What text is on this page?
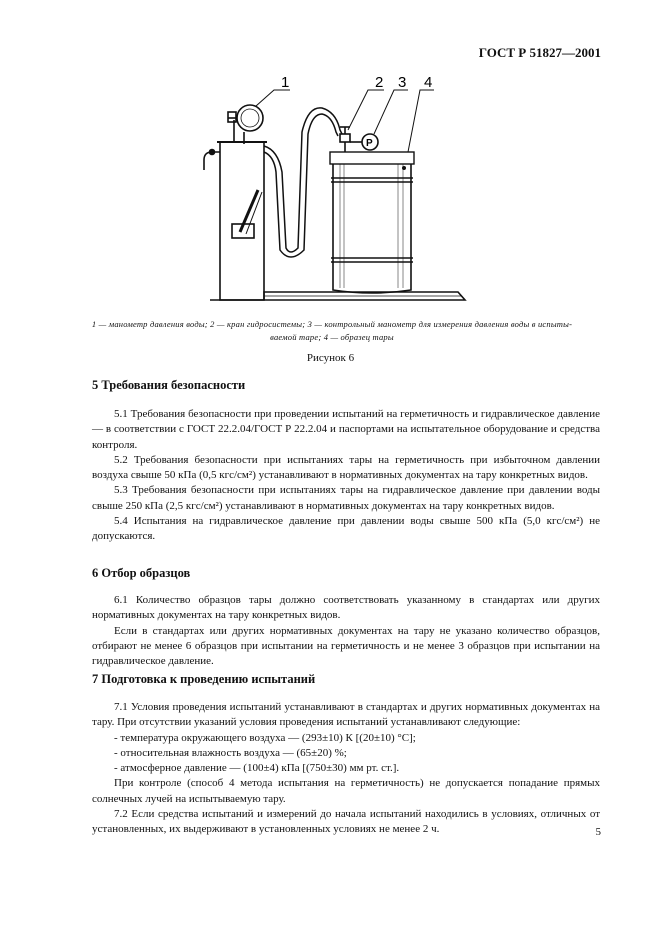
ГОСТ Р 51827—2001
1	2 3 4
P
1 — манометр давления воды; 2 — кран гидросистемы; 3 — контрольный манометр для измерения давления воды в испыты-
ваемой таре; 4 — образец тары
Рисунок 6
5 Требования безопасности

5.1 Требования безопасности при проведении испытаний на герметичность и гидравлическое давление — в соответствии с ГОСТ 22.2.04/ГОСТ Р 22.2.04 и паспортами на испытательное оборудование и средства контроля.

5.2 Требования безопасности при испытаниях тары на герметичность при избыточном давлении воздуха свыше 50 кПа (0,5 кгс/см²) устанавливают в нормативных документах на тару конкретных видов.

5.3 Требования безопасности при испытаниях тары на гидравлическое давление при давлении воды свыше 250 кПа (2,5 кгс/см²) устанавливают в нормативных документах на тару конкретных видов.

5.4 Испытания на гидравлическое давление при давлении воды свыше 500 кПа (5,0 кгс/см²) не допускаются.

6 Отбор образцов

6.1 Количество образцов тары должно соответствовать указанному в стандартах или других нормативных документах на тару конкретных видов.

Если в стандартах или других нормативных документах на тару не указано количество образцов, отбирают не менее 6 образцов при испытании на герметичность и не менее 3 образцов при испытании на гидравлическое давление.

7 Подготовка к проведению испытаний

7.1 Условия проведения испытаний устанавливают в стандартах и других нормативных документах на тару. При отсутствии указаний условия проведения испытаний устанавливают следующие:

- температура окружающего воздуха — (293±10) К [(20±10) °С];

- относительная влажность воздуха — (65±20) %;

- атмосферное давление — (100±4) кПа [(750±30) мм рт. ст.].

При контроле (способ 4 метода испытания на герметичность) не допускается попадание прямых солнечных лучей на испытываемую тару.

7.2 Если средства испытаний и измерений до начала испытаний находились в условиях, отличных от установленных, их выдерживают в установленных условиях не менее 2 ч.	5
